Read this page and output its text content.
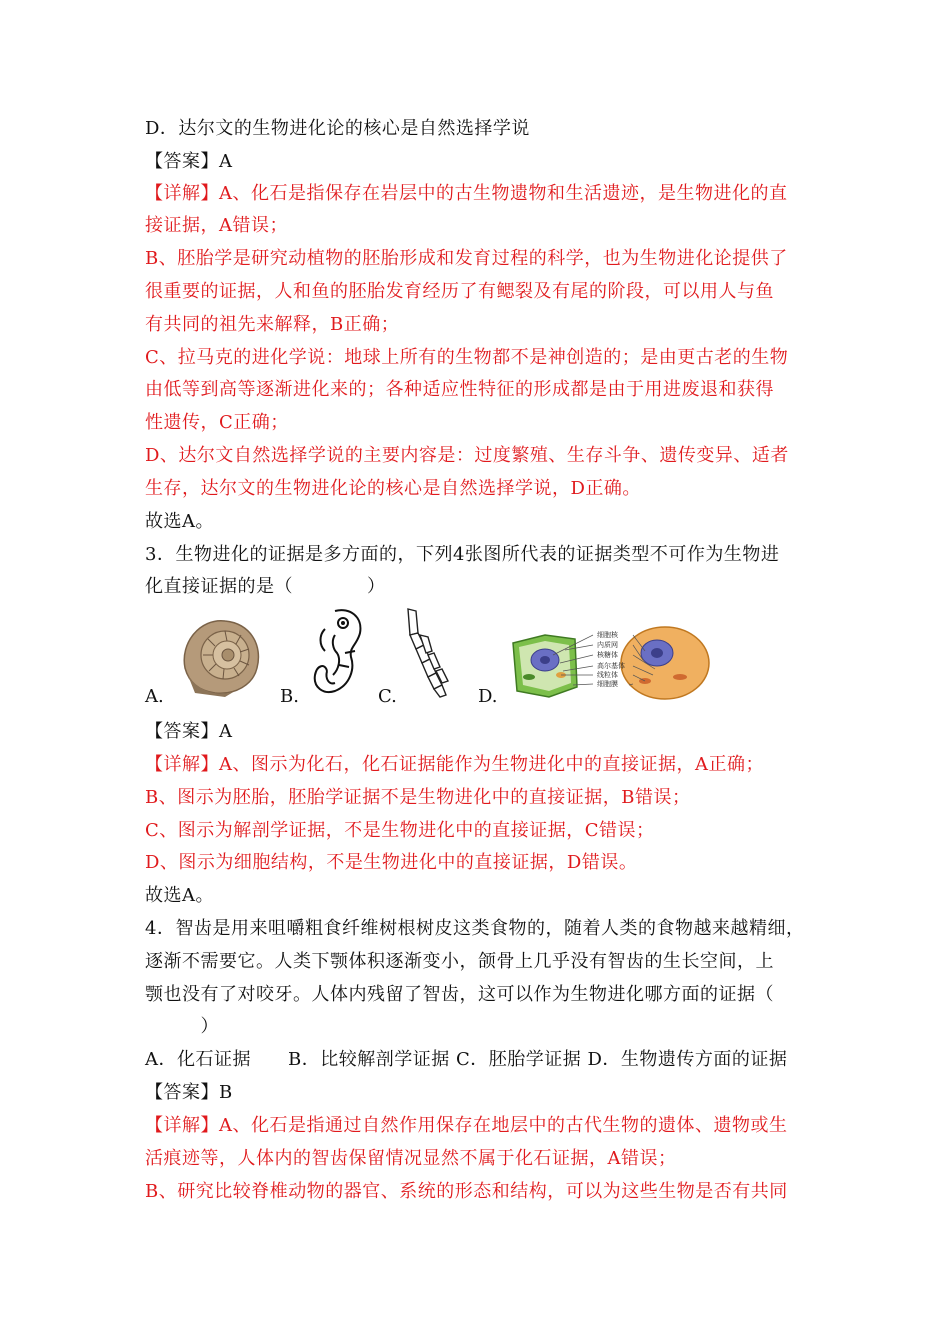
D．达尔文的生物进化论的核心是自然选择学说
【答案】A
【详解】A、化石是指保存在岩层中的古生物遗物和生活遗迹，是生物进化的直
接证据，A错误；
B、胚胎学是研究动植物的胚胎形成和发育过程的科学，也为生物进化论提供了
很重要的证据，人和鱼的胚胎发育经历了有鳃裂及有尾的阶段，可以用人与鱼
有共同的祖先来解释，B正确；
C、拉马克的进化学说：地球上所有的生物都不是神创造的；是由更古老的生物
由低等到高等逐渐进化来的；各种适应性特征的形成都是由于用进废退和获得
性遗传，C正确；
D、达尔文自然选择学说的主要内容是：过度繁殖、生存斗争、遗传变异、适者
生存，达尔文的生物进化论的核心是自然选择学说，D正确。
故选A。
3．生物进化的证据是多方面的，下列4张图所代表的证据类型不可作为生物进
化直接证据的是（　　　　）
A.	B.	C.	D.
细胞核
内质网
核糖体
高尔基体
线粒体
细胞膜
【答案】A
【详解】A、图示为化石，化石证据能作为生物进化中的直接证据，A正确；
B、图示为胚胎，胚胎学证据不是生物进化中的直接证据，B错误；
C、图示为解剖学证据，不是生物进化中的直接证据，C错误；
D、图示为细胞结构，不是生物进化中的直接证据，D错误。
故选A。
4．智齿是用来咀嚼粗食纤维树根树皮这类食物的，随着人类的食物越来越精细，
逐渐不需要它。人类下颚体积逐渐变小，颌骨上几乎没有智齿的生长空间，上
颚也没有了对咬牙。人体内残留了智齿，这可以作为生物进化哪方面的证据（
　　　）
A．化石证据　　B．比较解剖学证据 C．胚胎学证据 D．生物遗传方面的证据
【答案】B
【详解】A、化石是指通过自然作用保存在地层中的古代生物的遗体、遗物或生
活痕迹等，人体内的智齿保留情况显然不属于化石证据，A错误；
B、研究比较脊椎动物的器官、系统的形态和结构，可以为这些生物是否有共同
